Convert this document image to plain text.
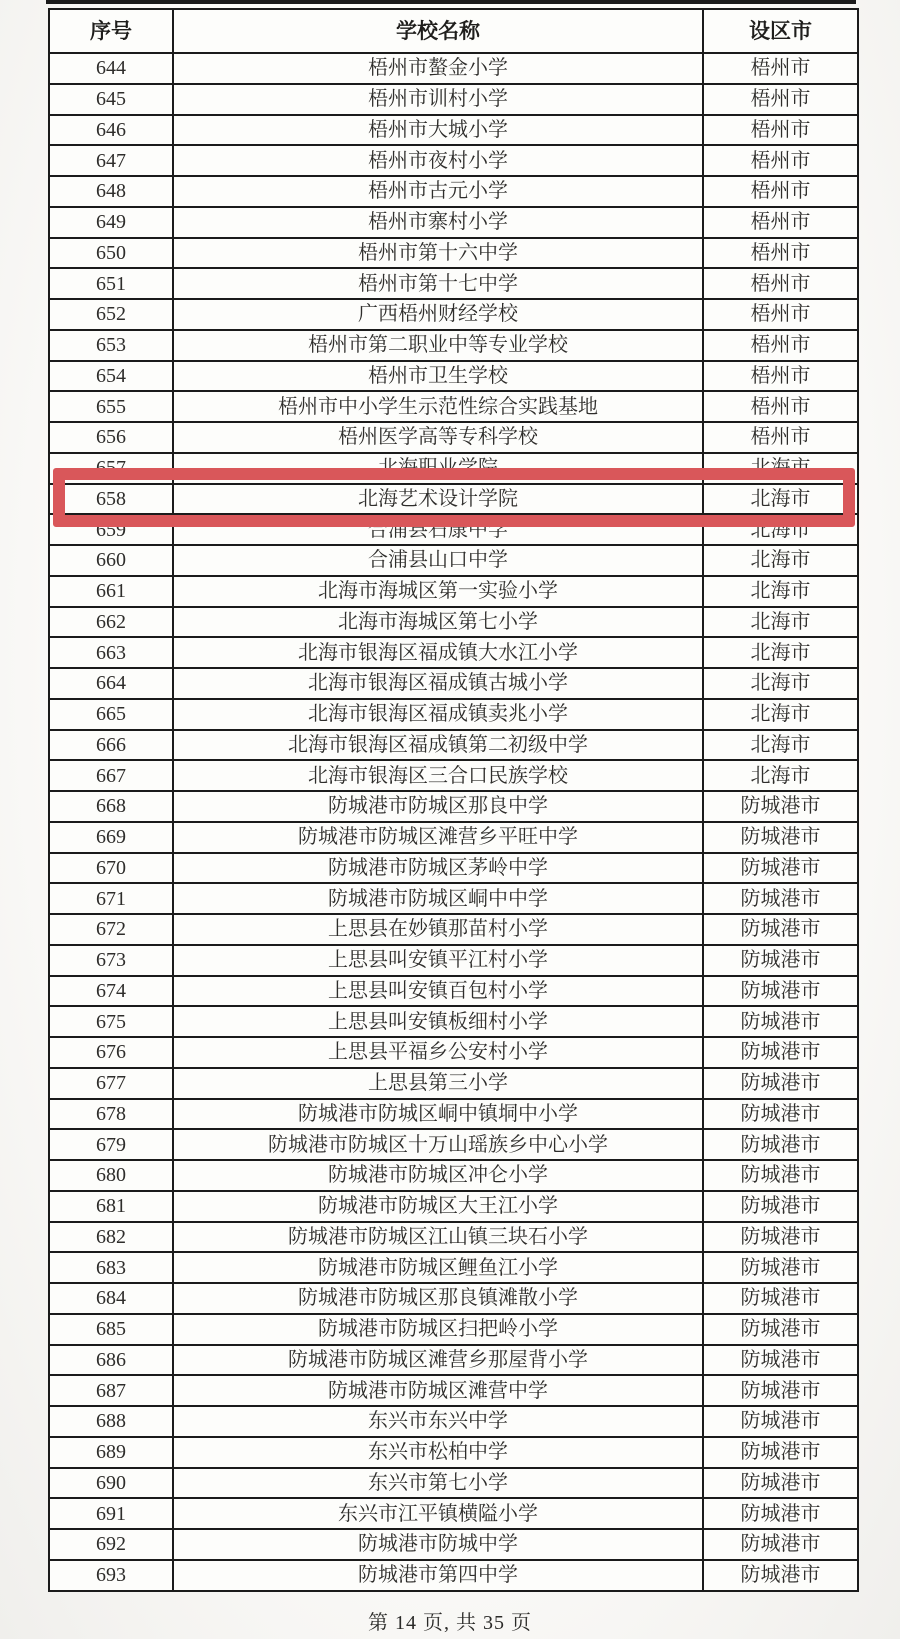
序号	学校名称	设区市
644	梧州市螯金小学	梧州市
645	梧州市训村小学	梧州市
646	梧州市大城小学	梧州市
647	梧州市夜村小学	梧州市
648	梧州市古元小学	梧州市
649	梧州市寨村小学	梧州市
650	梧州市第十六中学	梧州市
651	梧州市第十七中学	梧州市
652	广西梧州财经学校	梧州市
653	梧州市第二职业中等专业学校	梧州市
654	梧州市卫生学校	梧州市
655	梧州市中小学生示范性综合实践基地	梧州市
656	梧州医学高等专科学校	梧州市
657	北海职业学院	北海市
658	北海艺术设计学院	北海市
659	合浦县石康中学	北海市
660	合浦县山口中学	北海市
661	北海市海城区第一实验小学	北海市
662	北海市海城区第七小学	北海市
663	北海市银海区福成镇大水江小学	北海市
664	北海市银海区福成镇古城小学	北海市
665	北海市银海区福成镇卖兆小学	北海市
666	北海市银海区福成镇第二初级中学	北海市
667	北海市银海区三合口民族学校	北海市
668	防城港市防城区那良中学	防城港市
669	防城港市防城区滩营乡平旺中学	防城港市
670	防城港市防城区茅岭中学	防城港市
671	防城港市防城区峒中中学	防城港市
672	上思县在妙镇那苗村小学	防城港市
673	上思县叫安镇平江村小学	防城港市
674	上思县叫安镇百包村小学	防城港市
675	上思县叫安镇板细村小学	防城港市
676	上思县平福乡公安村小学	防城港市
677	上思县第三小学	防城港市
678	防城港市防城区峒中镇垌中小学	防城港市
679	防城港市防城区十万山瑶族乡中心小学	防城港市
680	防城港市防城区冲仑小学	防城港市
681	防城港市防城区大王江小学	防城港市
682	防城港市防城区江山镇三块石小学	防城港市
683	防城港市防城区鲤鱼江小学	防城港市
684	防城港市防城区那良镇滩散小学	防城港市
685	防城港市防城区扫把岭小学	防城港市
686	防城港市防城区滩营乡那屋背小学	防城港市
687	防城港市防城区滩营中学	防城港市
688	东兴市东兴中学	防城港市
689	东兴市松柏中学	防城港市
690	东兴市第七小学	防城港市
691	东兴市江平镇横隘小学	防城港市
692	防城港市防城中学	防城港市
693	防城港市第四中学	防城港市
第 14 页, 共 35 页
